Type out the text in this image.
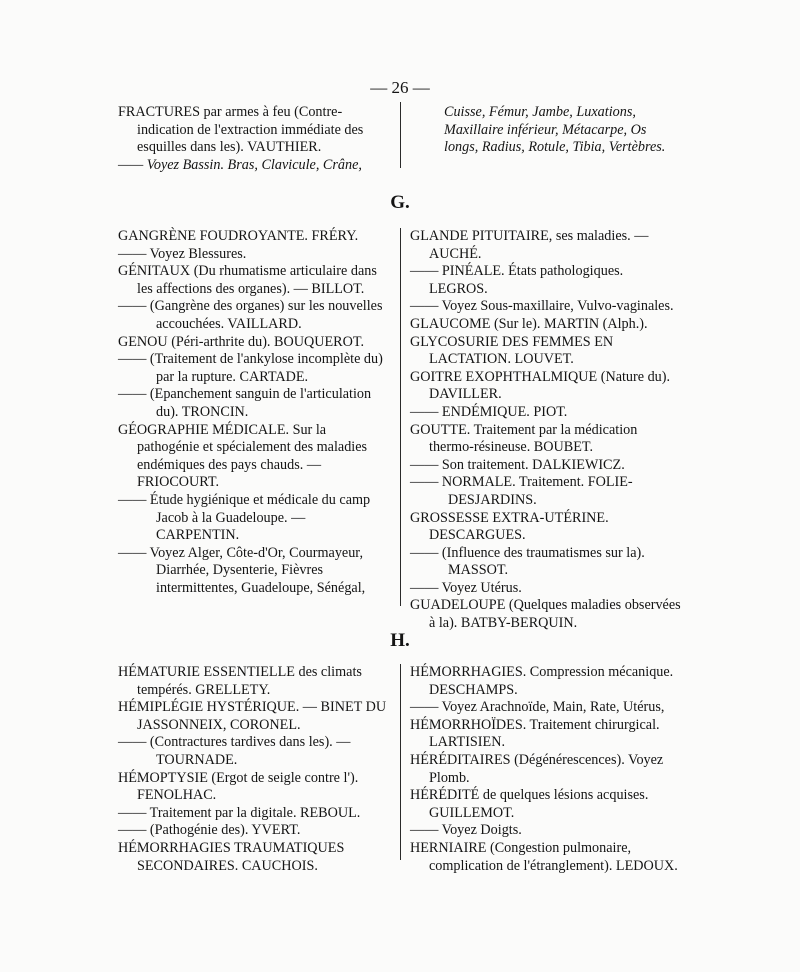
— 26 —

FRACTURES par armes à feu (Contre-indication de l'extraction immédiate des esquilles dans les). VAUTHIER.

—— Voyez Bassin. Bras, Clavicule, Crâne,

Cuisse, Fémur, Jambe, Luxations, Maxillaire inférieur, Métacarpe, Os longs, Radius, Rotule, Tibia, Vertèbres.

G.

GANGRÈNE FOUDROYANTE. FRÉRY.

—— Voyez Blessures.

GÉNITAUX (Du rhumatisme articulaire dans les affections des organes). — BILLOT.

—— (Gangrène des organes) sur les nouvelles accouchées. VAILLARD.

GENOU (Péri-arthrite du). BOUQUEROT.

—— (Traitement de l'ankylose incomplète du) par la rupture. CARTADE.

—— (Epanchement sanguin de l'articulation du). TRONCIN.

GÉOGRAPHIE MÉDICALE. Sur la pathogénie et spécialement des maladies endémiques des pays chauds. — FRIOCOURT.

—— Étude hygiénique et médicale du camp Jacob à la Guadeloupe. — CARPENTIN.

—— Voyez Alger, Côte-d'Or, Courmayeur, Diarrhée, Dysenterie, Fièvres intermittentes, Guadeloupe, Sénégal,

GLANDE PITUITAIRE, ses maladies. — AUCHÉ.

—— PINÉALE. États pathologiques. LEGROS.

—— Voyez Sous-maxillaire, Vulvo-vaginales.

GLAUCOME (Sur le). MARTIN (Alph.).

GLYCOSURIE DES FEMMES EN LACTATION. LOUVET.

GOITRE EXOPHTHALMIQUE (Nature du). DAVILLER.

—— ENDÉMIQUE. PIOT.

GOUTTE. Traitement par la médication thermo-résineuse. BOUBET.

—— Son traitement. DALKIEWICZ.

—— NORMALE. Traitement. FOLIE-DESJARDINS.

GROSSESSE EXTRA-UTÉRINE. DESCARGUES.

—— (Influence des traumatismes sur la). MASSOT.

—— Voyez Utérus.

GUADELOUPE (Quelques maladies observées à la). BATBY-BERQUIN.

H.

HÉMATURIE ESSENTIELLE des climats tempérés. GRELLETY.

HÉMIPLÉGIE HYSTÉRIQUE. — BINET DU JASSONNEIX, CORONEL.

—— (Contractures tardives dans les). — TOURNADE.

HÉMOPTYSIE (Ergot de seigle contre l').

FENOLHAC.

—— Traitement par la digitale. REBOUL.

—— (Pathogénie des). YVERT.

HÉMORRHAGIES TRAUMATIQUES SECONDAIRES. CAUCHOIS.

HÉMORRHAGIES. Compression mécanique. DESCHAMPS.

—— Voyez Arachnoïde, Main, Rate, Utérus,

HÉMORRHOÏDES. Traitement chirurgical. LARTISIEN.

HÉRÉDITAIRES (Dégénérescences). Voyez Plomb.

HÉRÉDITÉ de quelques lésions acquises. GUILLEMOT.

—— Voyez Doigts.

HERNIAIRE (Congestion pulmonaire, complication de l'étranglement). LEDOUX.
